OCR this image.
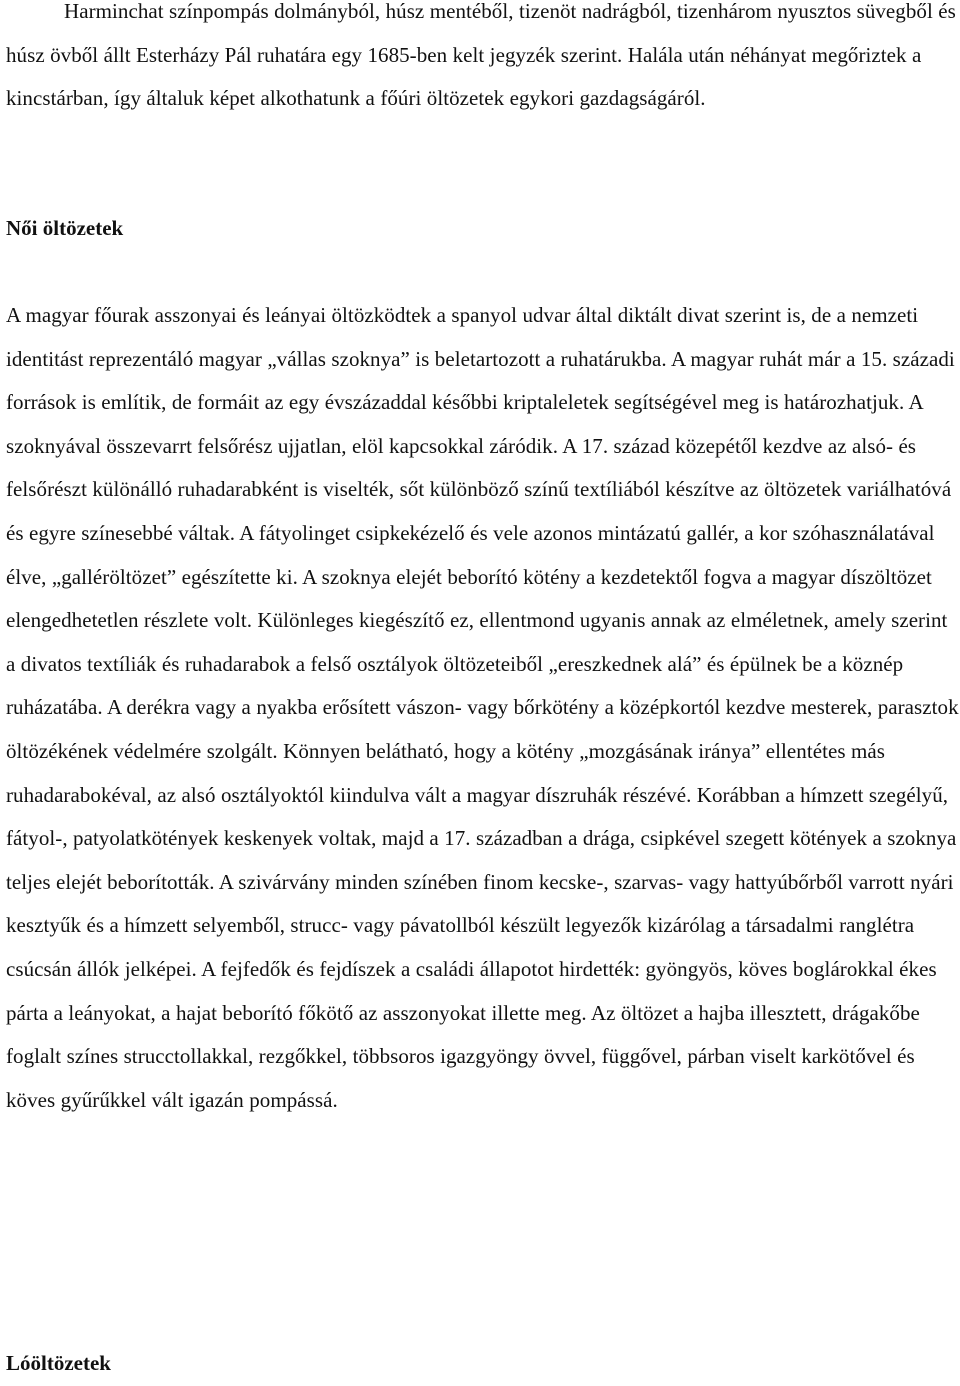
Harminchat színpompás dolmányból, húsz mentéből, tizenöt nadrágból, tizenhárom nyusztos süvegből és húsz övből állt Esterházy Pál ruhatára egy 1685-ben kelt jegyzék szerint. Halála után néhányat megőriztek a kincstárban, így általuk képet alkothatunk a főúri öltözetek egykori gazdagságáról.

Női öltözetek

A magyar főurak asszonyai és leányai öltözködtek a spanyol udvar által diktált divat szerint is, de a nemzeti identitást reprezentáló magyar „vállas szoknya” is beletartozott a ruhatárukba. A magyar ruhát már a 15. századi források is említik, de formáit az egy évszázaddal későbbi kriptaleletek segítségével meg is határozhatjuk. A szoknyával összevarrt felsőrész ujjatlan, elöl kapcsokkal záródik. A 17. század közepétől kezdve az alsó- és felsőrészt különálló ruhadarabként is viselték, sőt különböző színű textíliából készítve az öltözetek variálhatóvá és egyre színesebbé váltak. A fátyolinget csipkekézelő és vele azonos mintázatú gallér, a kor szóhasználatával élve, „galléröltözet” egészítette ki. A szoknya elejét beborító kötény a kezdetektől fogva a magyar díszöltözet elengedhetetlen részlete volt. Különleges kiegészítő ez, ellentmond ugyanis annak az elméletnek, amely szerint a divatos textíliák és ruhadarabok a felső osztályok öltözeteiből „ereszkednek alá” és épülnek be a köznép ruházatába. A derékra vagy a nyakba erősített vászon- vagy bőrkötény a középkortól kezdve mesterek, parasztok öltözékének védelmére szolgált. Könnyen belátható, hogy a kötény „mozgásának iránya” ellentétes más ruhadarabokéval, az alsó osztályoktól kiindulva vált a magyar díszruhák részévé. Korábban a hímzett szegélyű, fátyol-, patyolatkötények keskenyek voltak, majd a 17. században a drága, csipkével szegett kötények a szoknya teljes elejét beborították. A szivárvány minden színében finom kecske-, szarvas- vagy hattyúbőrből varrott nyári kesztyűk és a hímzett selyemből, strucc- vagy pávatollból készült legyezők kizárólag a társadalmi ranglétra csúcsán állók jelképei. A fejfedők és fejdíszek a családi állapotot hirdették: gyöngyös, köves boglárokkal ékes párta a leányokat, a hajat beborító főkötő az asszonyokat illette meg. Az öltözet a hajba illesztett, drágakőbe foglalt színes strucctollakkal, rezgőkkel, többsoros igazgyöngy övvel, függővel, párban viselt karkötővel és köves gyűrűkkel vált igazán pompássá.

Lóöltözetek
